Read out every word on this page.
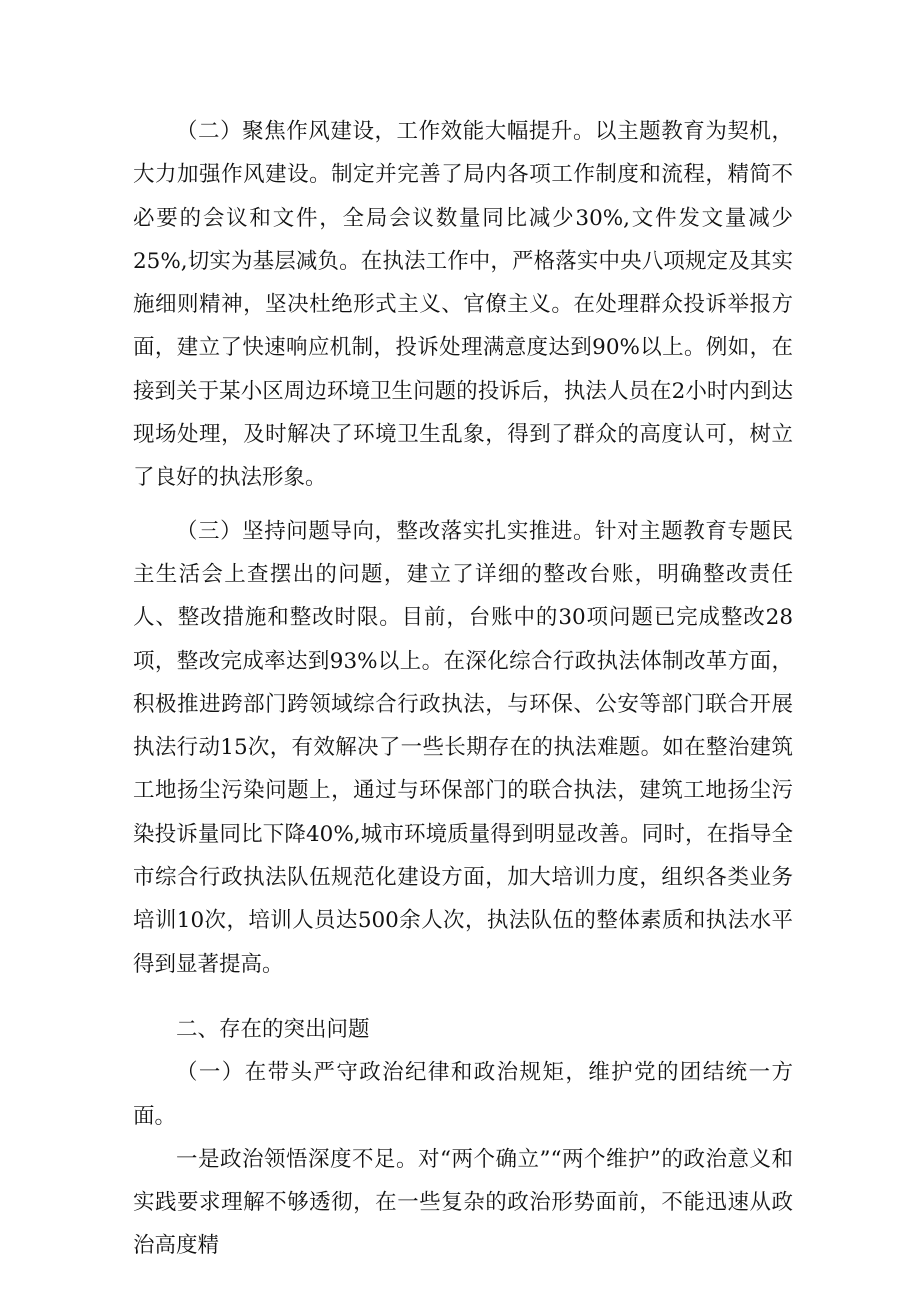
（二）聚焦作风建设，工作效能大幅提升。以主题教育为契机，大力加强作风建设。制定并完善了局内各项工作制度和流程，精简不必要的会议和文件，全局会议数量同比减少30%,文件发文量减少25%,切实为基层减负。在执法工作中，严格落实中央八项规定及其实施细则精神，坚决杜绝形式主义、官僚主义。在处理群众投诉举报方面，建立了快速响应机制，投诉处理满意度达到90%以上。例如，在接到关于某小区周边环境卫生问题的投诉后，执法人员在2小时内到达现场处理，及时解决了环境卫生乱象，得到了群众的高度认可，树立了良好的执法形象。

（三）坚持问题导向，整改落实扎实推进。针对主题教育专题民主生活会上查摆出的问题，建立了详细的整改台账，明确整改责任人、整改措施和整改时限。目前，台账中的30项问题已完成整改28项，整改完成率达到93%以上。在深化综合行政执法体制改革方面，积极推进跨部门跨领域综合行政执法，与环保、公安等部门联合开展执法行动15次，有效解决了一些长期存在的执法难题。如在整治建筑工地扬尘污染问题上，通过与环保部门的联合执法，建筑工地扬尘污染投诉量同比下降40%,城市环境质量得到明显改善。同时，在指导全市综合行政执法队伍规范化建设方面，加大培训力度，组织各类业务培训10次，培训人员达500余人次，执法队伍的整体素质和执法水平得到显著提高。

二、存在的突出问题

（一）在带头严守政治纪律和政治规矩，维护党的团结统一方面。

一是政治领悟深度不足。对“两个确立”“两个维护”的政治意义和实践要求理解不够透彻，在一些复杂的政治形势面前，不能迅速从政治高度精
